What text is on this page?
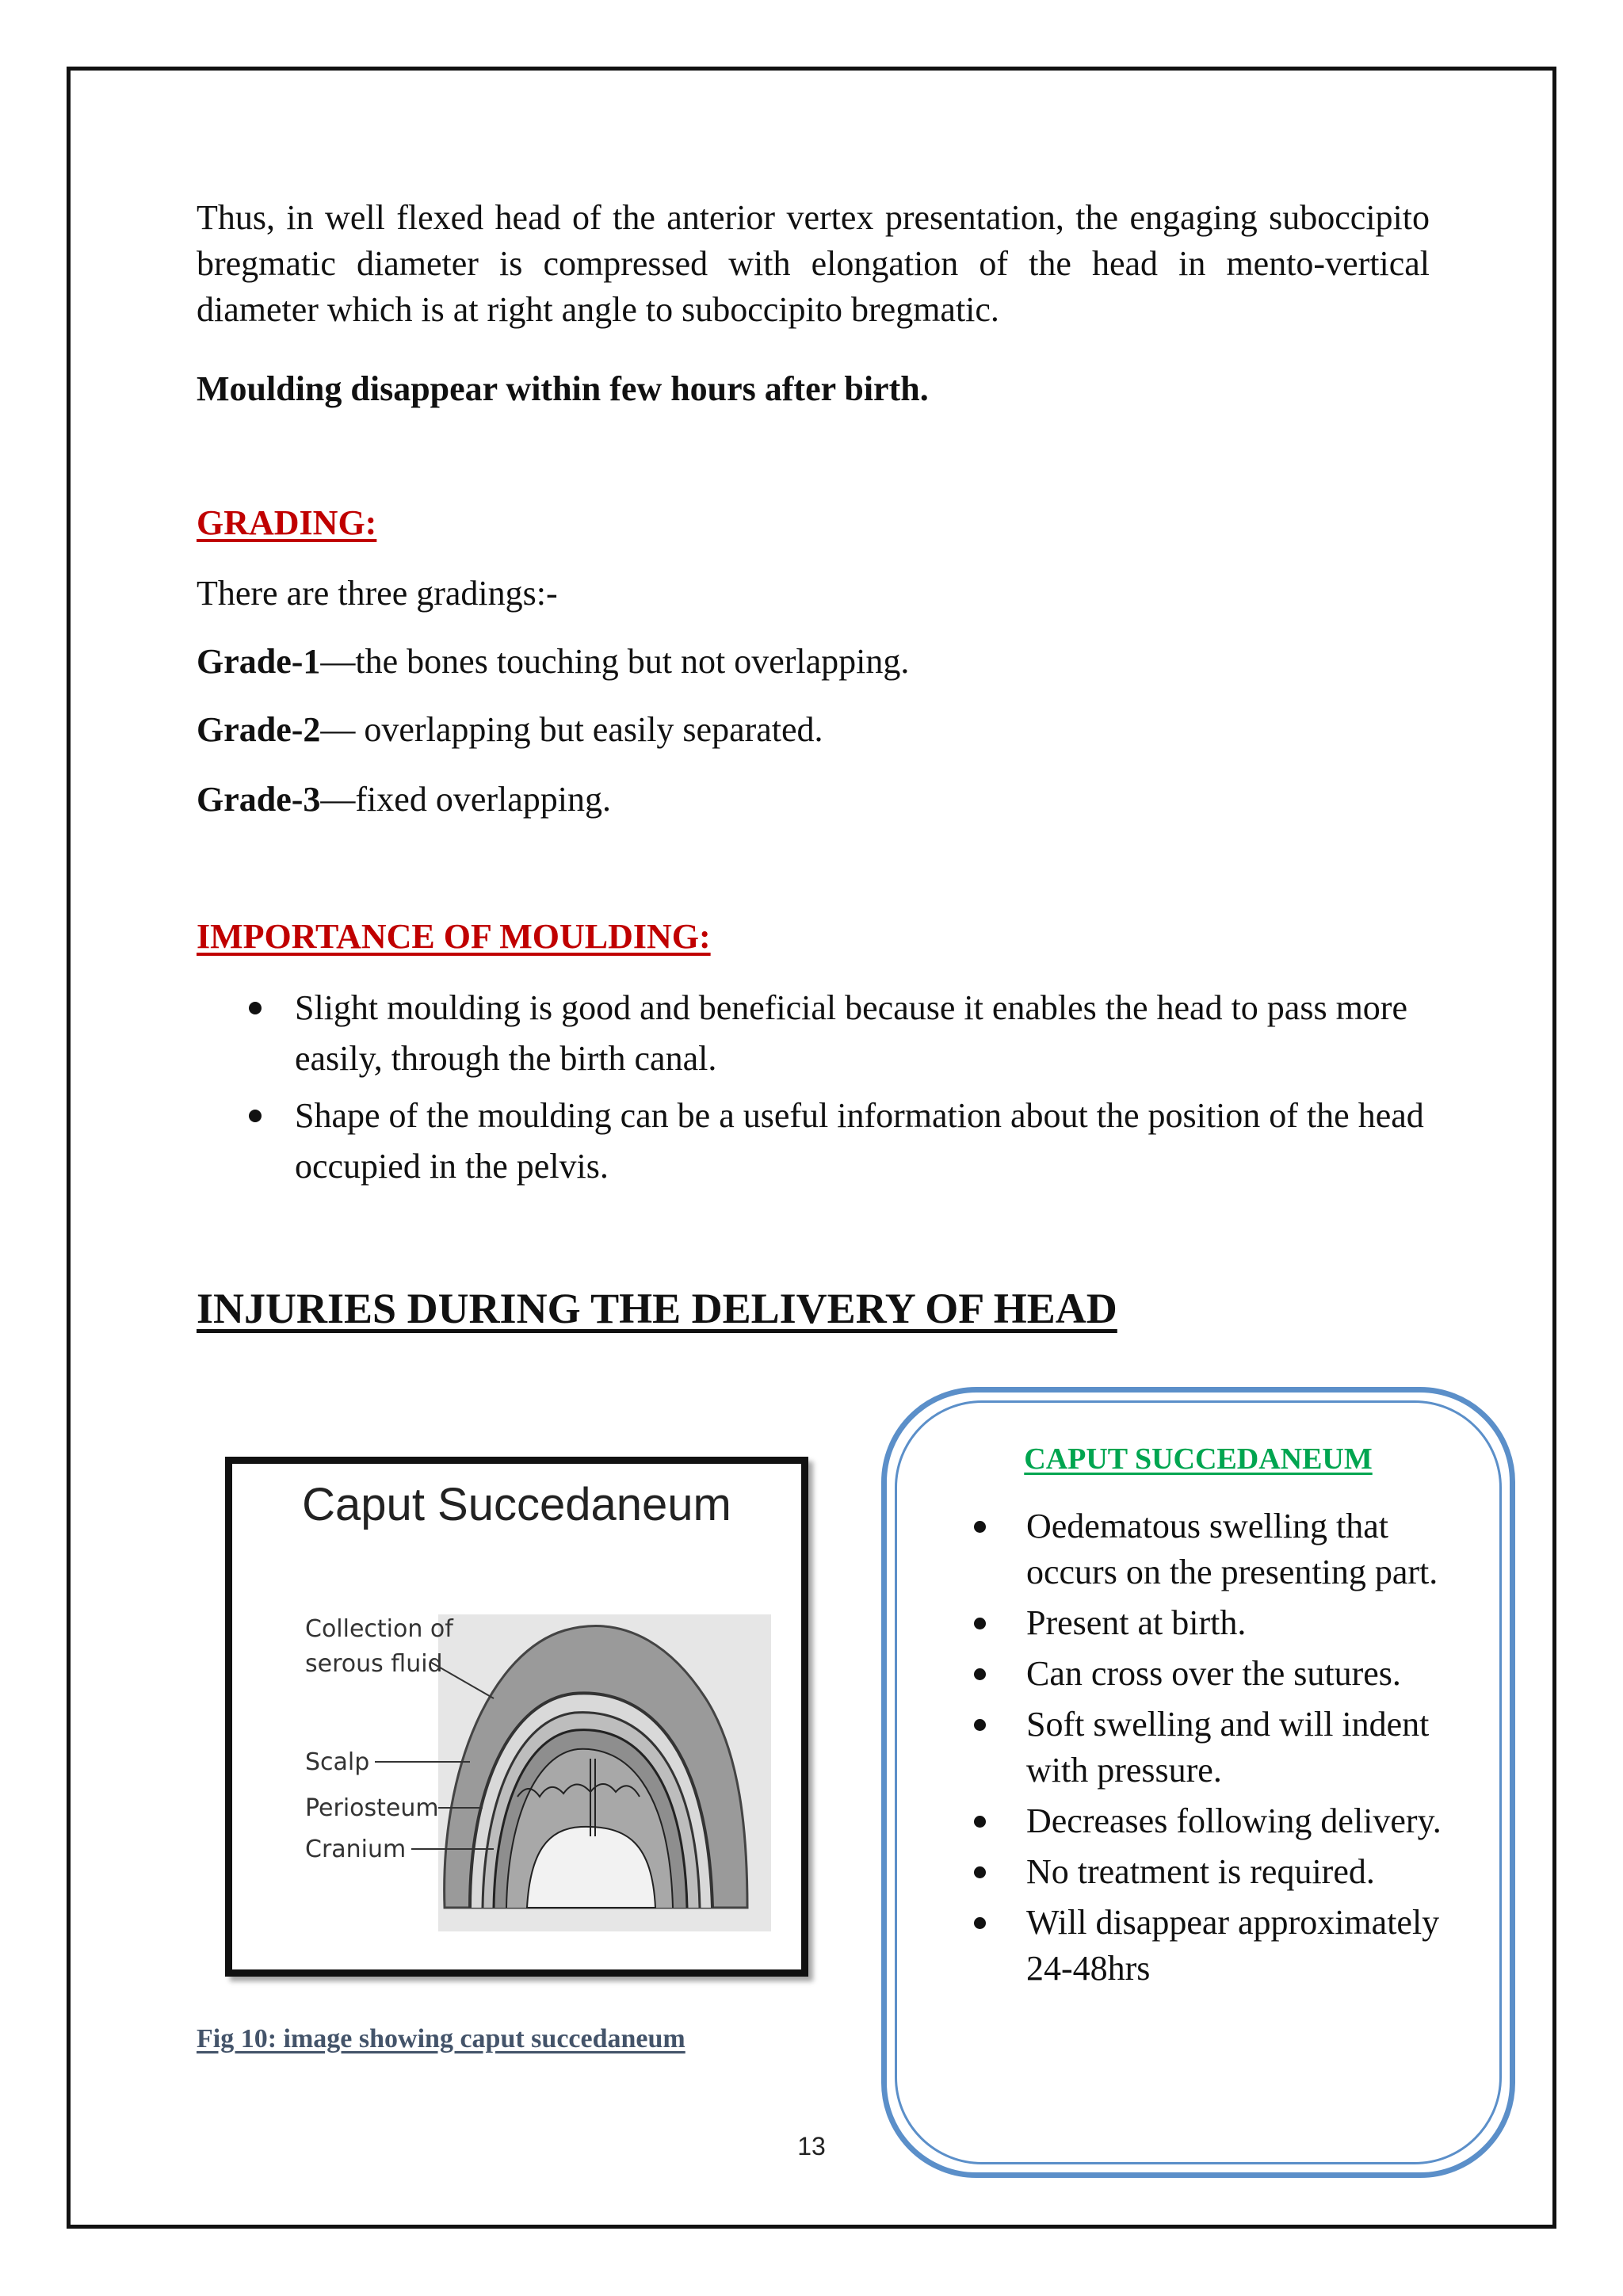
Thus, in well flexed head of the anterior vertex presentation, the engaging suboccipito bregmatic diameter is compressed with elongation of the head in mento-vertical diameter which is at right angle to suboccipito bregmatic.

Moulding disappear within few hours after birth.

GRADING:

There are three gradings:-

Grade-1—the bones touching but not overlapping.

Grade-2— overlapping but easily separated.

Grade-3—fixed overlapping.

IMPORTANCE OF MOULDING:

Slight moulding is good and beneficial because it enables the head to pass more easily, through the birth canal.
Shape of the moulding can be a useful information about the position of the head occupied in the pelvis.

INJURIES DURING THE DELIVERY OF HEAD

Caput Succedaneum
Collection of
serous fluid
Scalp
Periosteum
Cranium
Fig 10: image showing caput succedaneum
13
CAPUT SUCCEDANEUM
Oedematous swelling that occurs on the presenting part.
Present at birth.
Can cross over the sutures.
Soft swelling and will indent with pressure.
Decreases following delivery.
No treatment is required.
Will disappear approximately 24-48hrs
